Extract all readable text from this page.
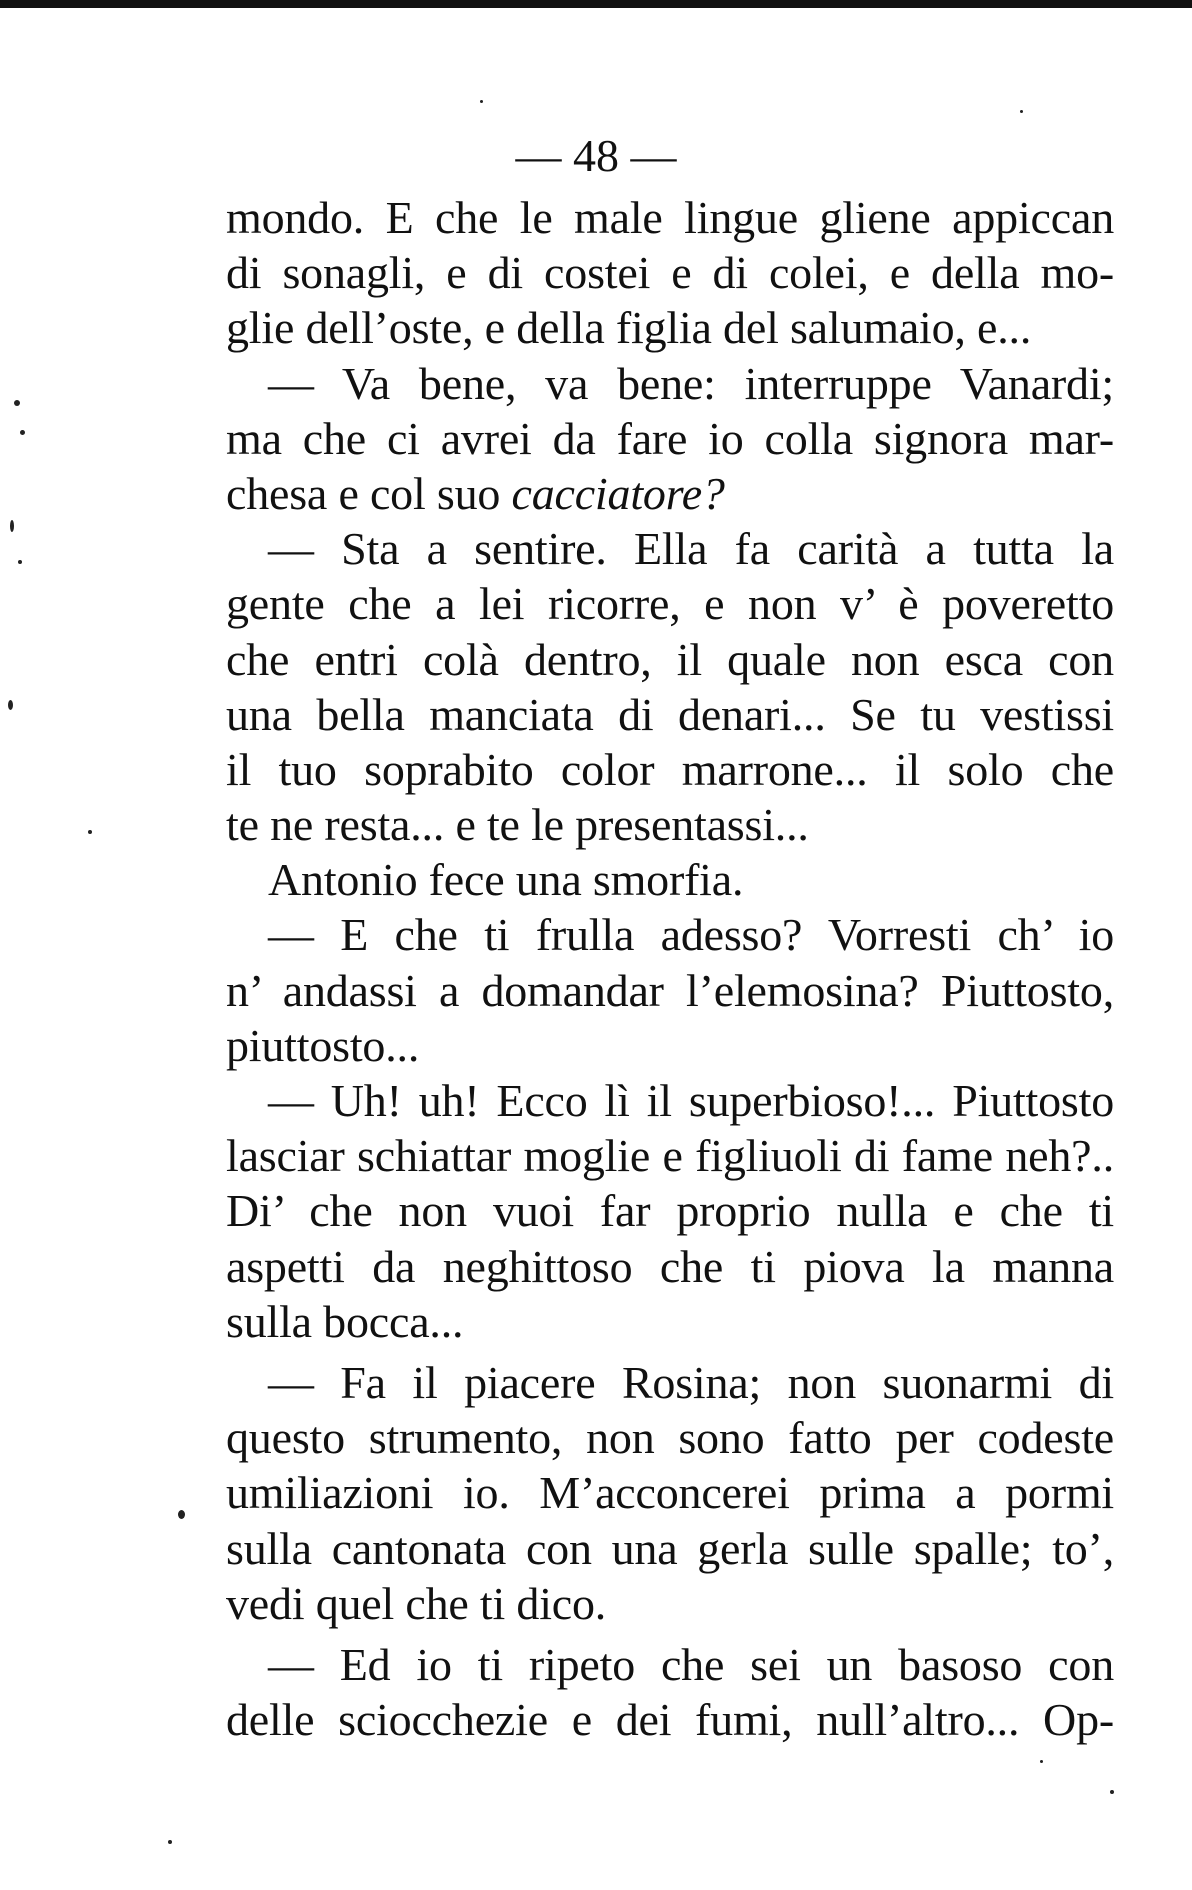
— 48 —
mondo. E che le male lingue gliene appiccan
di sonagli, e di costei e di colei, e della mo-
glie dell’oste, e della figlia del salumaio, e...
— Va bene, va bene: interruppe Vanardi;
ma che ci avrei da fare io colla signora mar-
chesa e col suo cacciatore?
— Sta a sentire. Ella fa carità a tutta la
gente che a lei ricorre, e non v’ è poveretto
che entri colà dentro, il quale non esca con
una bella manciata di denari... Se tu vestissi
il tuo soprabito color marrone... il solo che
te ne resta... e te le presentassi...
Antonio fece una smorfia.
— E che ti frulla adesso? Vorresti ch’ io
n’ andassi a domandar l’elemosina? Piuttosto,
piuttosto...
— Uh! uh! Ecco lì il superbioso!... Piuttosto
lasciar schiattar moglie e figliuoli di fame neh?..
Di’ che non vuoi far proprio nulla e che ti
aspetti da neghittoso che ti piova la manna
sulla bocca...
— Fa il piacere Rosina; non suonarmi di
questo strumento, non sono fatto per codeste
umiliazioni io. M’acconcerei prima a pormi
sulla cantonata con una gerla sulle spalle; to’,
vedi quel che ti dico.
— Ed io ti ripeto che sei un basoso con
delle sciocchezie e dei fumi, null’altro... Op-
